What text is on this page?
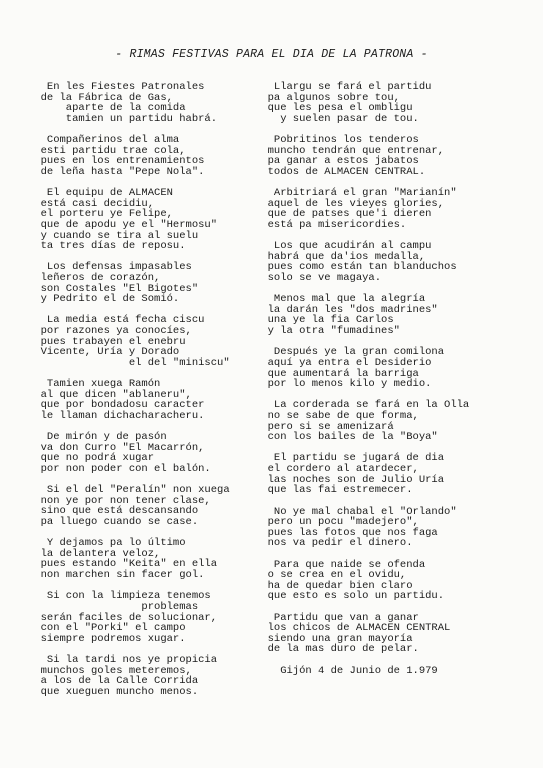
- RIMAS FESTIVAS PARA EL DIA DE LA PATRONA -
En les Fiestes Patronales
de la Fábrica de Gas,
aparte de la comida
tamien un partidu habrá.
Compañerinos del alma
esti partidu trae cola,
pues en los entrenamientos
de leña hasta "Pepe Nola".
El equipu de ALMACEN
está casi decidiu,
el porteru ye Felipe,
que de apodu ye el "Hermosu"
y cuando se tira al suelu
ta tres días de reposu.
Los defensas impasables
leñeros de corazón,
son Costales "El Bigotes"
y Pedrito el de Somió.
La media está fecha ciscu
por razones ya conocíes,
pues trabayen el enebru
Vicente, Uría y Dorado
el del "miniscu"
Tamien xuega Ramón
al que dicen "ablaneru",
que por bondadosu caracter
le llaman dichacharacheru.
De mirón y de pasón
va don Curro "El Macarrón,
que no podrá xugar
por non poder con el balón.
Si el del "Peralín" non xuega
non ye por non tener clase,
sino que está descansando
pa lluego cuando se case.
Y dejamos pa lo último
la delantera veloz,
pues estando "Keita" en ella
non marchen sin facer gol.
Si con la limpieza tenemos
problemas
serán faciles de solucionar,
con el "Porki" el campo
siempre podremos xugar.
Si la tardi nos ye propicia
munchos goles meteremos,
a los de la Calle Corrida
que xueguen muncho menos.
Llargu se fará el partidu
pa algunos sobre tou,
que les pesa el ombligu
y suelen pasar de tou.
Pobritinos los tenderos
muncho tendrán que entrenar,
pa ganar a estos jabatos
todos de ALMACEN CENTRAL.
Arbitriará el gran "Marianín"
aquel de les vieyes glories,
que de patses que'i dieren
está pa misericordies.
Los que acudirán al campu
habrá que da'ios medalla,
pues como están tan blanduchos
solo se ve magaya.
Menos mal que la alegría
la darán les "dos madrines"
una ye la fia Carlos
y la otra "fumadines"
Después ye la gran comilona
aquí ya entra el Desiderio
que aumentará la barriga
por lo menos kilo y medio.
La corderada se fará en la Olla
no se sabe de que forma,
pero si se amenizará
con los bailes de la "Boya"
El partidu se jugará de dia
el cordero al atardecer,
las noches son de Julio Uría
que las fai estremecer.
No ye mal chabal el "Orlando"
pero un pocu "madejero",
pues las fotos que nos faga
nos va pedir el dinero.
Para que naide se ofenda
o se crea en el ovidu,
ha de quedar bien claro
que esto es solo un partidu.
Partidu que van a ganar
los chicos de ALMACEN CENTRAL
siendo una gran mayoría
de la mas duro de pelar.
Gijón 4 de Junio de 1.979
